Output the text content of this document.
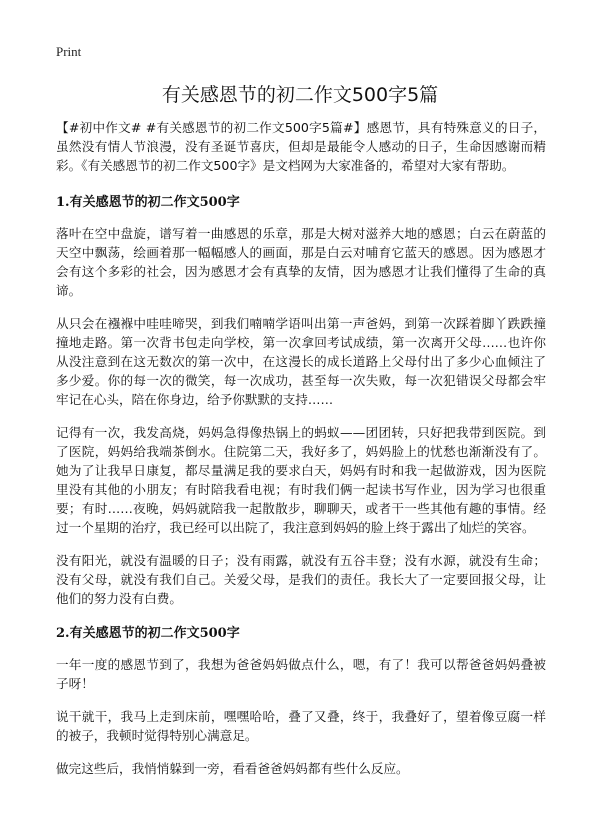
Print
有关感恩节的初二作文500字5篇

【#初中作文# #有关感恩节的初二作文500字5篇#】感恩节，具有特殊意义的日子，虽然没有情人节浪漫，没有圣诞节喜庆，但却是最能令人感动的日子，生命因感谢而精彩。《有关感恩节的初二作文500字》是文档网为大家准备的，希望对大家有帮助。

1.有关感恩节的初二作文500字

落叶在空中盘旋，谱写着一曲感恩的乐章，那是大树对滋养大地的感恩；白云在蔚蓝的天空中飘荡，绘画着那一幅幅感人的画面，那是白云对哺育它蓝天的感恩。因为感恩才会有这个多彩的社会，因为感恩才会有真挚的友情，因为感恩才让我们懂得了生命的真谛。

从只会在襁褓中哇哇啼哭，到我们喃喃学语叫出第一声爸妈，到第一次踩着脚丫跌跌撞撞地走路。第一次背书包走向学校，第一次拿回考试成绩，第一次离开父母……也许你从没注意到在这无数次的第一次中，在这漫长的成长道路上父母付出了多少心血倾注了多少爱。你的每一次的微笑，每一次成功，甚至每一次失败，每一次犯错误父母都会牢牢记在心头，陪在你身边，给予你默默的支持……

记得有一次，我发高烧，妈妈急得像热锅上的蚂蚁——团团转，只好把我带到医院。到了医院，妈妈给我端茶倒水。住院第二天，我好多了，妈妈脸上的忧愁也渐渐没有了。她为了让我早日康复，都尽量满足我的要求白天，妈妈有时和我一起做游戏，因为医院里没有其他的小朋友；有时陪我看电视；有时我们俩一起读书写作业，因为学习也很重要；有时……夜晚，妈妈就陪我一起散散步，聊聊天，或者干一些其他有趣的事情。经过一个星期的治疗，我已经可以出院了，我注意到妈妈的脸上终于露出了灿烂的笑容。

没有阳光，就没有温暖的日子；没有雨露，就没有五谷丰登；没有水源，就没有生命；没有父母，就没有我们自己。关爱父母，是我们的责任。我长大了一定要回报父母，让他们的努力没有白费。

2.有关感恩节的初二作文500字

一年一度的感恩节到了，我想为爸爸妈妈做点什么，嗯，有了！我可以帮爸爸妈妈叠被子呀！

说干就干，我马上走到床前，嘿嘿哈哈，叠了又叠，终于，我叠好了，望着像豆腐一样的被子，我顿时觉得特别心满意足。

做完这些后，我悄悄躲到一旁，看看爸爸妈妈都有些什么反应。
